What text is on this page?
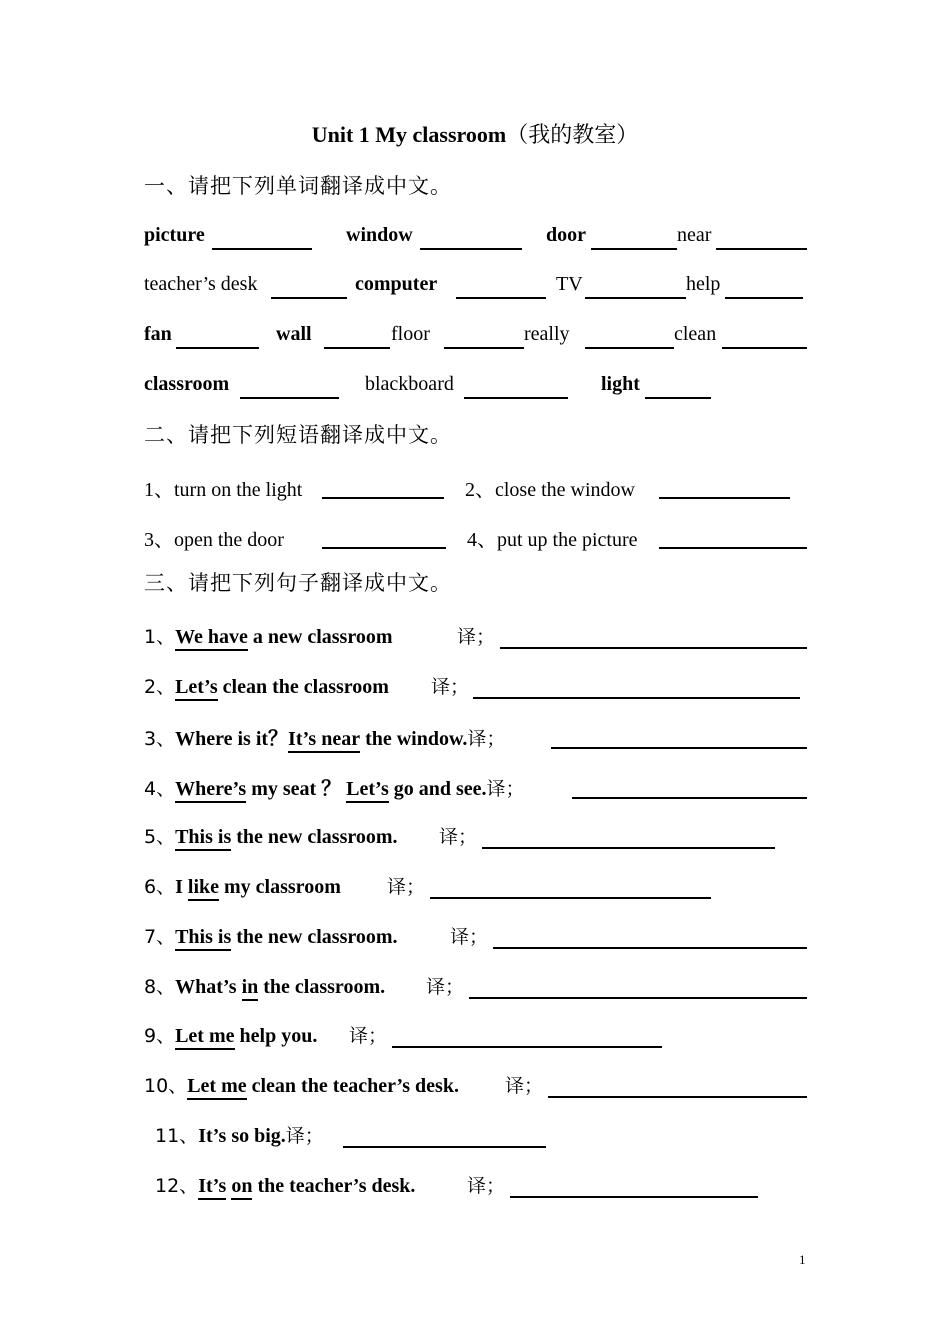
Unit 1 My classroom（我的教室）
一、请把下列单词翻译成中文。
picture	window	door	near
teacher’s desk	computer	TV	help
fan	wall	floor	really	clean
classroom	blackboard	light
二、请把下列短语翻译成中文。
1、turn on the light	2、close the window
3、open the door	4、put up the picture
三、请把下列句子翻译成中文。
1、We have
a new classroom	译；
2、Let’s
clean the classroom 译；
3、Where is it？It’s near
the window.译；
4、Where’s
my seat ？ Let’s
go and see.译；
5、This is
the new classroom. 译；
6、I like
my classroom 译；
7、This is
the new classroom.	译；
8、What’s in
the classroom. 译；
9、Let me
help you. 译；
10、Let me
clean the teacher’s desk. 译；
11、It’s so big.译；
12、It’s on
the teacher’s desk.	译；
1
